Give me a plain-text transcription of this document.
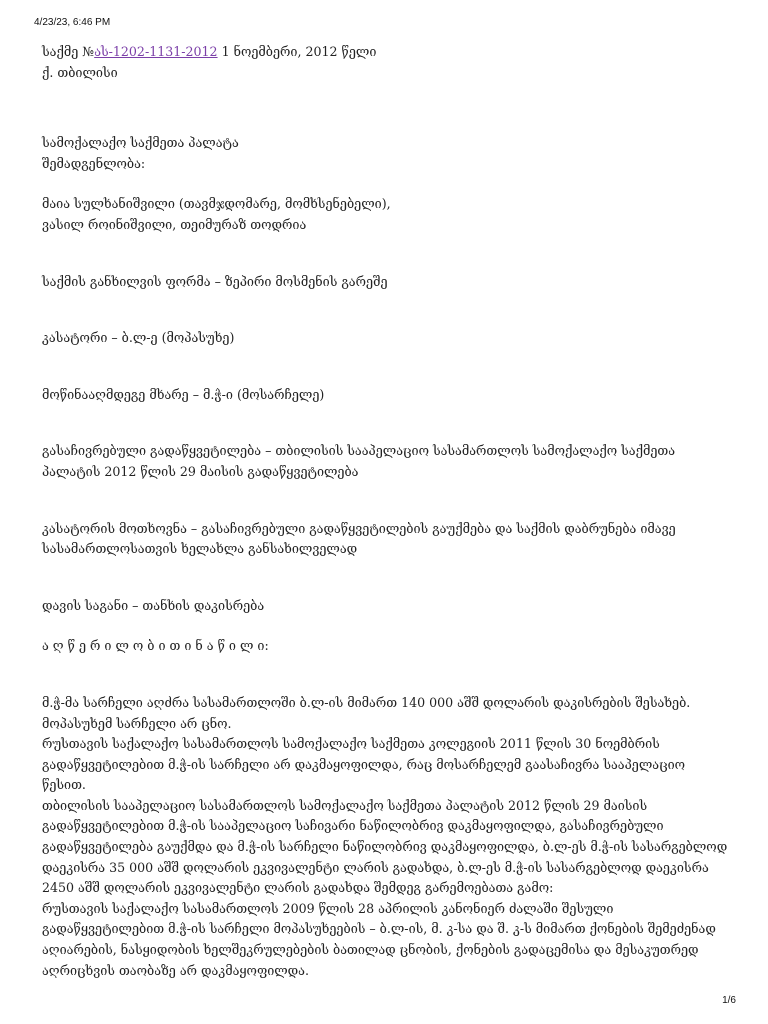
4/23/23, 6:46 PM

საქმე №ას-1202-1131-2012 1 ნოემბერი, 2012 წელი

ქ. თბილისი

სამოქალაქო საქმეთა პალატა

შემადგენლობა:

მაია სულხანიშვილი (თავმჯდომარე, მომხსენებელი),

ვასილ როინიშვილი, თეიმურაზ თოდრია

საქმის განხილვის ფორმა – ზეპირი მოსმენის გარეშე

კასატორი – ბ.ლ-ე (მოპასუხე)

მოწინააღმდეგე მხარე – მ.ჭ-ი (მოსარჩელე)

გასაჩივრებული გადაწყვეტილება – თბილისის სააპელაციო სასამართლოს სამოქალაქო საქმეთა პალატის 2012 წლის 29 მაისის გადაწყვეტილება

კასატორის მოთხოვნა – გასაჩივრებული გადაწყვეტილების გაუქმება და საქმის დაბრუნება იმავე სასამართლოსათვის ხელახლა განსახილველად

დავის საგანი – თანხის დაკისრება

ა ღ წ ე რ ი ლ ო ბ ი თ ი ნ ა წ ი ლ ი:

მ.ჭ-მა სარჩელი აღძრა სასამართლოში ბ.ლ-ის მიმართ 140 000 აშშ დოლარის დაკისრების შესახებ. მოპასუხემ სარჩელი არ ცნო.

რუსთავის საქალაქო სასამართლოს სამოქალაქო საქმეთა კოლეგიის 2011 წლის 30 ნოემბრის გადაწყვეტილებით მ.ჭ-ის სარჩელი არ დაკმაყოფილდა, რაც მოსარჩელემ გაასაჩივრა სააპელაციო წესით.

თბილისის სააპელაციო სასამართლოს სამოქალაქო საქმეთა პალატის 2012 წლის 29 მაისის გადაწყვეტილებით მ.ჭ-ის სააპელაციო საჩივარი ნაწილობრივ დაკმაყოფილდა, გასაჩივრებული გადაწყვეტილება გაუქმდა და მ.ჭ-ის სარჩელი ნაწილობრივ დაკმაყოფილდა, ბ.ლ-ეს მ.ჭ-ის სასარგებლოდ დაეკისრა 35 000 აშშ დოლარის ეკვივალენტი ლარის გადახდა, ბ.ლ-ეს მ.ჭ-ის სასარგებლოდ დაეკისრა 2450 აშშ დოლარის ეკვივალენტი ლარის გადახდა შემდეგ გარემოებათა გამო:

რუსთავის საქალაქო სასამართლოს 2009 წლის 28 აპრილის კანონიერ ძალაში შესული გადაწყვეტილებით მ.ჭ-ის სარჩელი მოპასუხეების – ბ.ლ-ის, მ. კ-სა და შ. კ-ს მიმართ ქონების შემეძენად აღიარების, ნასყიდობის ხელშეკრულებების ბათილად ცნობის, ქონების გადაცემისა და მესაკუთრედ აღრიცხვის თაობაზე არ დაკმაყოფილდა.

1/6
